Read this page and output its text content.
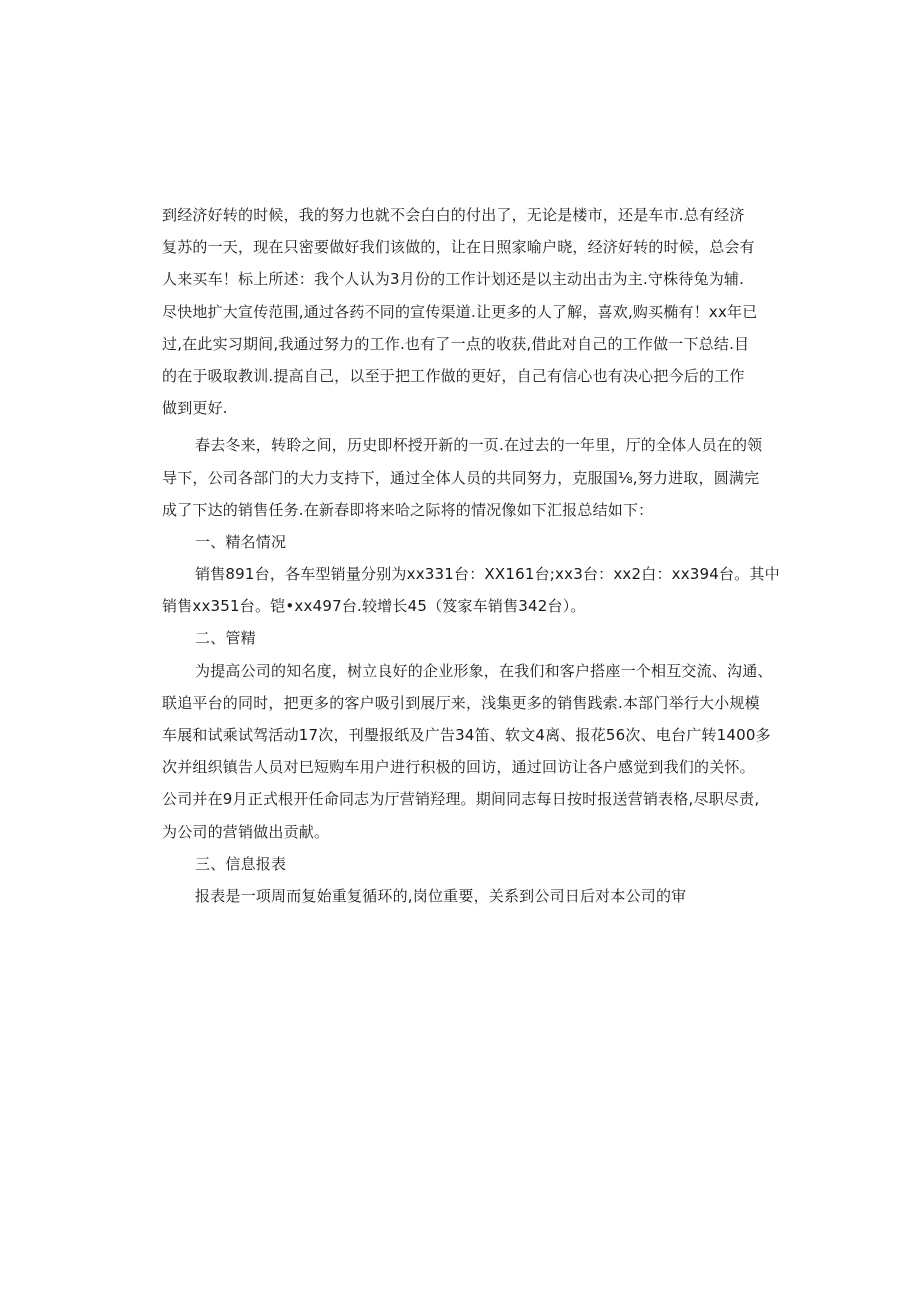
到经济好转的时候，我的努力也就不会白白的付出了，无论是楼市，还是车市.总有经济
复苏的一天，现在只密要做好我们该做的，让在日照家喻户晓，经济好转的时候，总会有
人来买车！标上所述：我个人认为3月份的工作计划还是以主动出击为主.守株待兔为辅.
尽快地扩大宣传范围,通过各药不同的宣传渠道.让更多的人了解，喜欢,购买椭有！xx年已
过,在此实习期间,我通过努力的工作.也有了一点的收获,借此对自己的工作做一下总结.目
的在于吸取教训.提高自己，以至于把工作做的更好，自己有信心也有决心把今后的工作
做到更好.
春去冬来，转聆之间，历史即杯授开新的一页.在过去的一年里，厅的全体人员在的领
导下，公司各部门的大力支持下，通过全体人员的共同努力，克服国⅛,努力进取，圆满完
成了下达的销售任务.在新春即将来哈之际将的情况像如下汇报总结如下：
一、精名情况
销售891台，各车型销量分别为xx331台：XX161台;xx3台：xx2白：xx394台。其中
销售xx351台。铠•xx497台.较增长45（笈家车销售342台）。
二、管精
为提高公司的知名度，树立良好的企业形象，在我们和客户搭座一个相互交流、沟通、
联追平台的同时，把更多的客户吸引到展厅来，浅集更多的销售践索.本部门举行大小规模
车展和试乘试驾活动17次，刊璺报纸及广告34笛、软文4离、报花56次、电台广转1400多
次并组织镇告人员对巳短购车用户进行积极的回访，通过回访让各户感觉到我们的关怀。
公司并在9月正式根开任命同志为厅营销羟理。期间同志每日按时报送营销表格,尽职尽责,
为公司的营销做出贡献。
三、信息报表
报表是一项周而复始重复循环的,岗位重要，关系到公司日后对本公司的审
